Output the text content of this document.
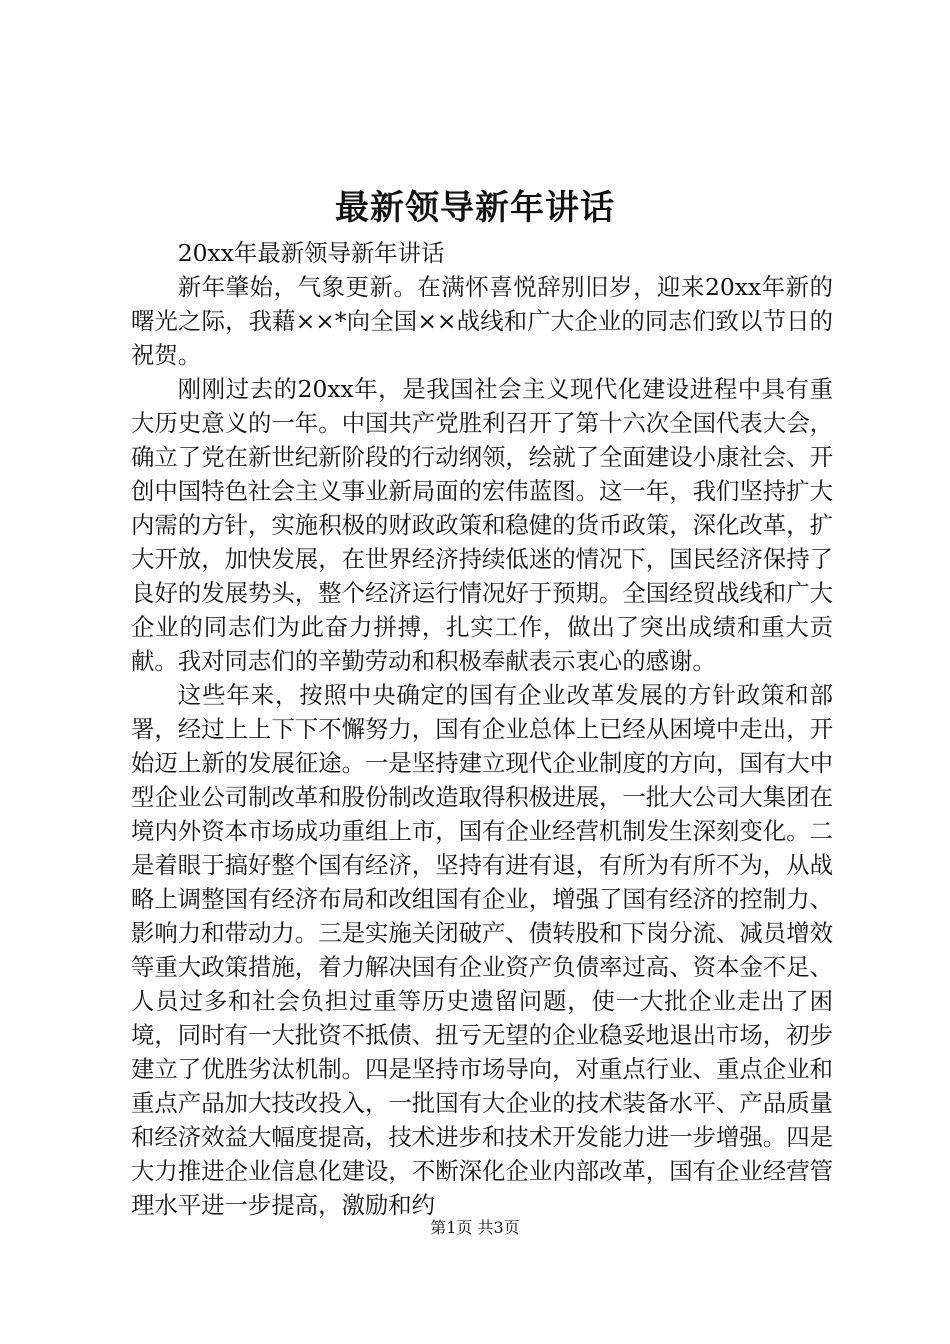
最新领导新年讲话

20xx年最新领导新年讲话

新年肇始，气象更新。在满怀喜悦辞别旧岁，迎来20xx年新的曙光之际，我藉××*向全国××战线和广大企业的同志们致以节日的祝贺。

刚刚过去的20xx年，是我国社会主义现代化建设进程中具有重大历史意义的一年。中国共产党胜利召开了第十六次全国代表大会，确立了党在新世纪新阶段的行动纲领，绘就了全面建设小康社会、开创中国特色社会主义事业新局面的宏伟蓝图。这一年，我们坚持扩大内需的方针，实施积极的财政政策和稳健的货币政策，深化改革，扩大开放，加快发展，在世界经济持续低迷的情况下，国民经济保持了良好的发展势头，整个经济运行情况好于预期。全国经贸战线和广大企业的同志们为此奋力拼搏，扎实工作，做出了突出成绩和重大贡献。我对同志们的辛勤劳动和积极奉献表示衷心的感谢。

这些年来，按照中央确定的国有企业改革发展的方针政策和部署，经过上上下下不懈努力，国有企业总体上已经从困境中走出，开始迈上新的发展征途。一是坚持建立现代企业制度的方向，国有大中型企业公司制改革和股份制改造取得积极进展，一批大公司大集团在境内外资本市场成功重组上市，国有企业经营机制发生深刻变化。二是着眼于搞好整个国有经济，坚持有进有退，有所为有所不为，从战略上调整国有经济布局和改组国有企业，增强了国有经济的控制力、影响力和带动力。三是实施关闭破产、债转股和下岗分流、减员增效等重大政策措施，着力解决国有企业资产负债率过高、资本金不足、人员过多和社会负担过重等历史遗留问题，使一大批企业走出了困境，同时有一大批资不抵债、扭亏无望的企业稳妥地退出市场，初步建立了优胜劣汰机制。四是坚持市场导向，对重点行业、重点企业和重点产品加大技改投入，一批国有大企业的技术装备水平、产品质量和经济效益大幅度提高，技术进步和技术开发能力进一步增强。四是大力推进企业信息化建设，不断深化企业内部改革，国有企业经营管理水平进一步提高，激励和约

第1页 共3页
